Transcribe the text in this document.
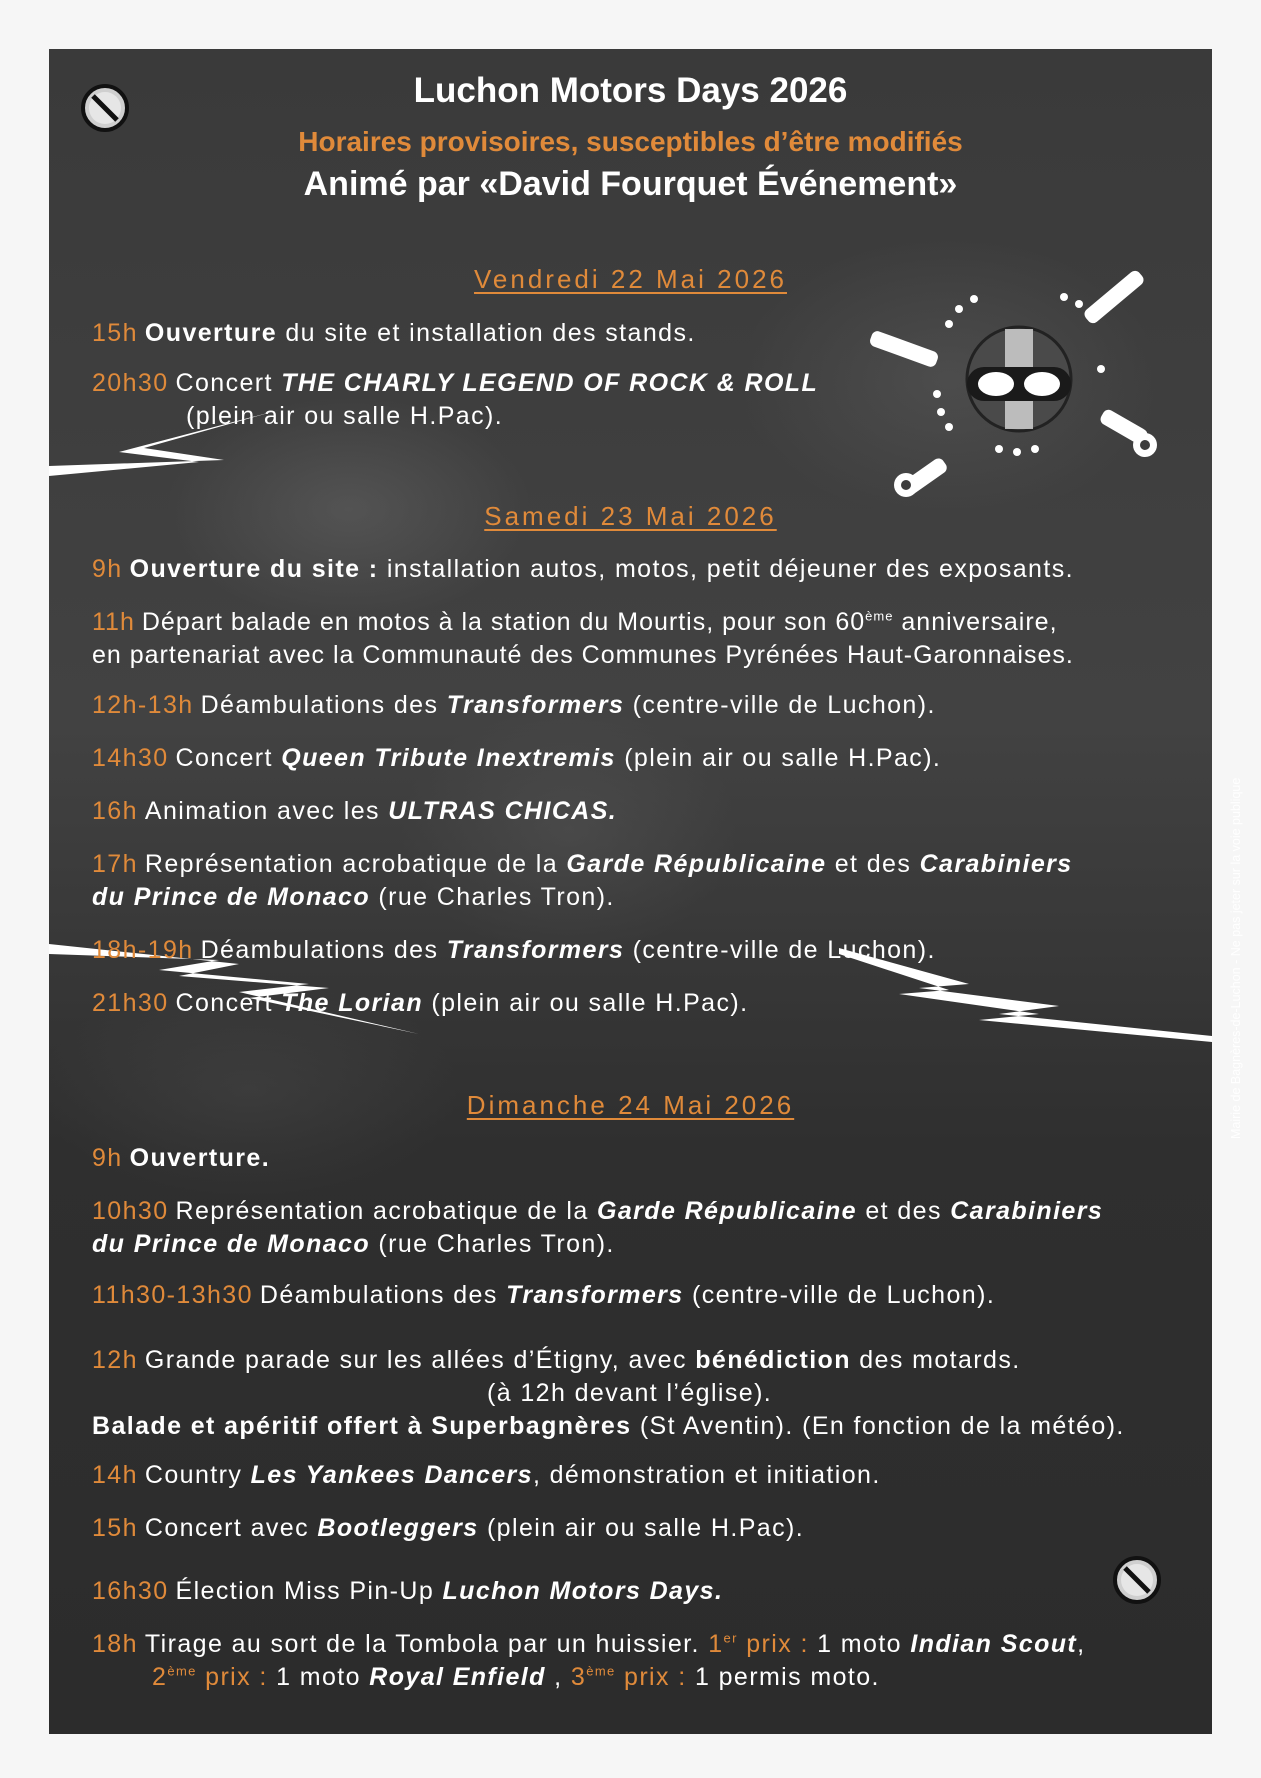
Luchon Motors Days 2026
Horaires provisoires, susceptibles d’être modifiés
Animé par «David Fourquet Événement»
Vendredi 22 Mai 2026
15h Ouverture du site et installation des stands.
20h30 Concert THE CHARLY LEGEND OF ROCK & ROLL
(plein air ou salle H.Pac).
Samedi 23 Mai 2026
9h Ouverture du site : installation autos, motos, petit déjeuner des exposants.
11h Départ balade en motos à la station du Mourtis, pour son 60ème anniversaire,
en partenariat avec la Communauté des Communes Pyrénées Haut-Garonnaises.
12h-13h Déambulations des Transformers (centre-ville de Luchon).
14h30 Concert Queen Tribute Inextremis (plein air ou salle H.Pac).
16h Animation avec les ULTRAS CHICAS.
17h Représentation acrobatique de la Garde Républicaine et des Carabiniers
du Prince de Monaco (rue Charles Tron).
18h-19h Déambulations des Transformers (centre-ville de Luchon).
21h30 Concert The Lorian (plein air ou salle H.Pac).
Dimanche 24 Mai 2026
9h Ouverture.
10h30 Représentation acrobatique de la Garde Républicaine et des Carabiniers
du Prince de Monaco (rue Charles Tron).
11h30-13h30 Déambulations des Transformers (centre-ville de Luchon).
12h Grande parade sur les allées d’Étigny, avec bénédiction des motards.
(à 12h devant l’église).
Balade et apéritif offert à Superbagnères (St Aventin). (En fonction de la météo).
14h Country Les Yankees Dancers, démonstration et initiation.
15h Concert avec Bootleggers (plein air ou salle H.Pac).
16h30 Élection Miss Pin-Up Luchon Motors Days.
18h Tirage au sort de la Tombola par un huissier. 1er prix : 1 moto Indian Scout,
2ème prix : 1 moto Royal Enfield , 3ème prix : 1 permis moto.
Mairie de Bagnères-de-Luchon - Ne pas jeter sur la voie publique
